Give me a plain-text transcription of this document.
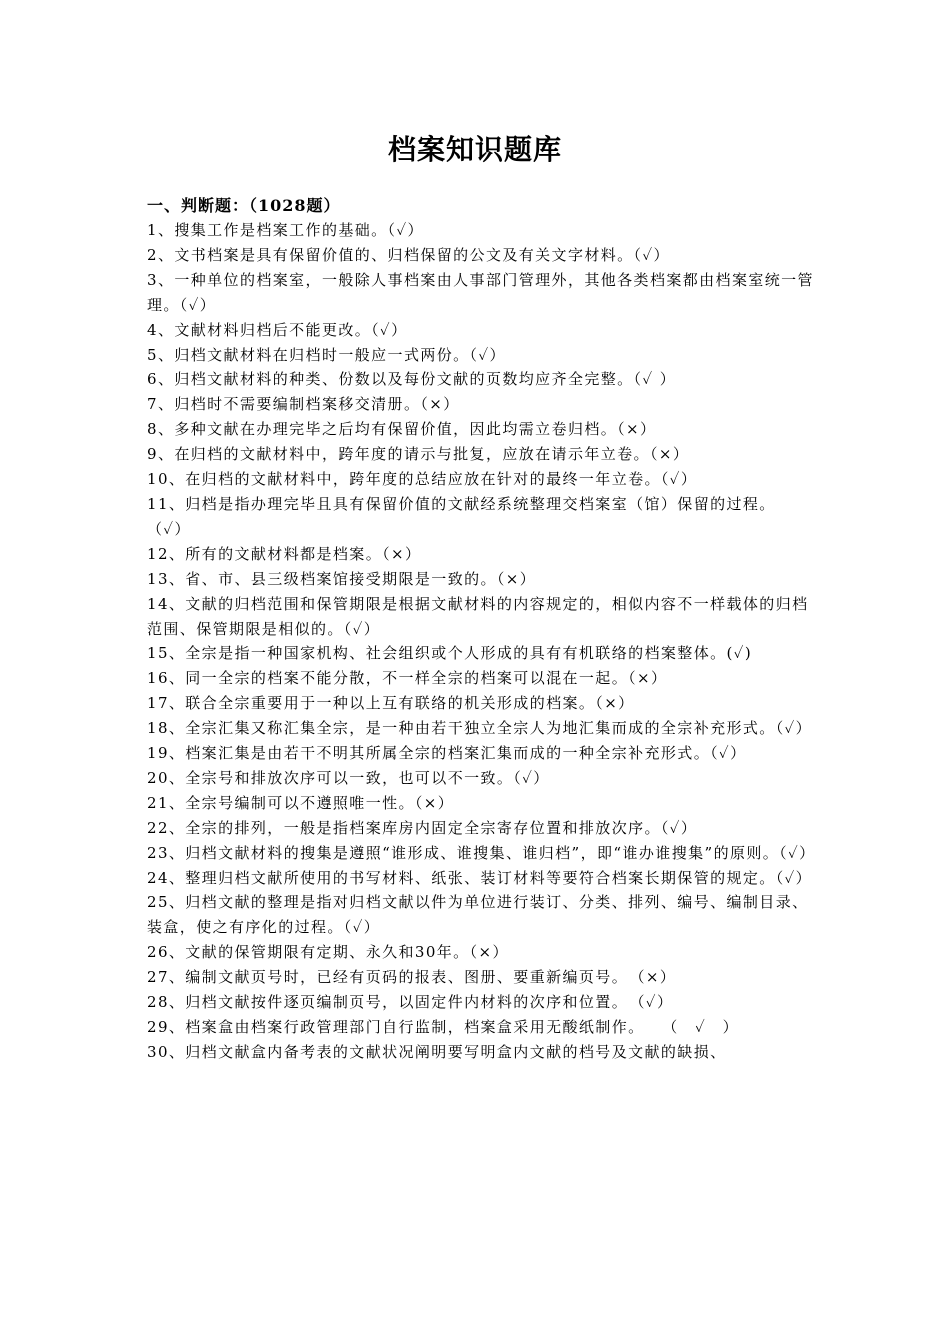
档案知识题库
一、判断题：（1028题）

1、搜集工作是档案工作的基础。（✓）

2、文书档案是具有保留价值的、归档保留的公文及有关文字材料。（✓）

3、一种单位的档案室，一般除人事档案由人事部门管理外，其他各类档案都由档案室统一管理。（✓）

4、文献材料归档后不能更改。（✓）

5、归档文献材料在归档时一般应一式两份。（✓）

6、归档文献材料的种类、份数以及每份文献的页数均应齐全完整。（✓ ）

7、归档时不需要编制档案移交清册。（×）

8、多种文献在办理完毕之后均有保留价值，因此均需立卷归档。（×）

9、在归档的文献材料中，跨年度的请示与批复，应放在请示年立卷。（×）

10、在归档的文献材料中，跨年度的总结应放在针对的最终一年立卷。（✓）

11、归档是指办理完毕且具有保留价值的文献经系统整理交档案室（馆）保留的过程。　　　　　　　　　　（✓）

12、所有的文献材料都是档案。（×）

13、省、市、县三级档案馆接受期限是一致的。（×）

14、文献的归档范围和保管期限是根据文献材料的内容规定的，相似内容不一样载体的归档范围、保管期限是相似的。（✓）

15、全宗是指一种国家机构、社会组织或个人形成的具有有机联络的档案整体。(✓)

16、同一全宗的档案不能分散，不一样全宗的档案可以混在一起。（×）

17、联合全宗重要用于一种以上互有联络的机关形成的档案。（×）

18、全宗汇集又称汇集全宗，是一种由若干独立全宗人为地汇集而成的全宗补充形式。（✓）

19、档案汇集是由若干不明其所属全宗的档案汇集而成的一种全宗补充形式。（✓）

20、全宗号和排放次序可以一致，也可以不一致。（✓）

21、全宗号编制可以不遵照唯一性。（×）

22、全宗的排列，一般是指档案库房内固定全宗寄存位置和排放次序。（✓）

23、归档文献材料的搜集是遵照“谁形成、谁搜集、谁归档”，即“谁办谁搜集”的原则。（✓）

24、整理归档文献所使用的书写材料、纸张、装订材料等要符合档案长期保管的规定。（✓）

25、归档文献的整理是指对归档文献以件为单位进行装订、分类、排列、编号、编制目录、装盒，使之有序化的过程。（✓）

26、文献的保管期限有定期、永久和30年。（×）

27、编制文献页号时，已经有页码的报表、图册、要重新编页号。　（×）

28、归档文献按件逐页编制页号，以固定件内材料的次序和位置。　（✓）

29、档案盒由档案行政管理部门自行监制，档案盒采用无酸纸制作。　　（　✓　）

30、归档文献盒内备考表的文献状况阐明要写明盒内文献的档号及文献的缺损、
